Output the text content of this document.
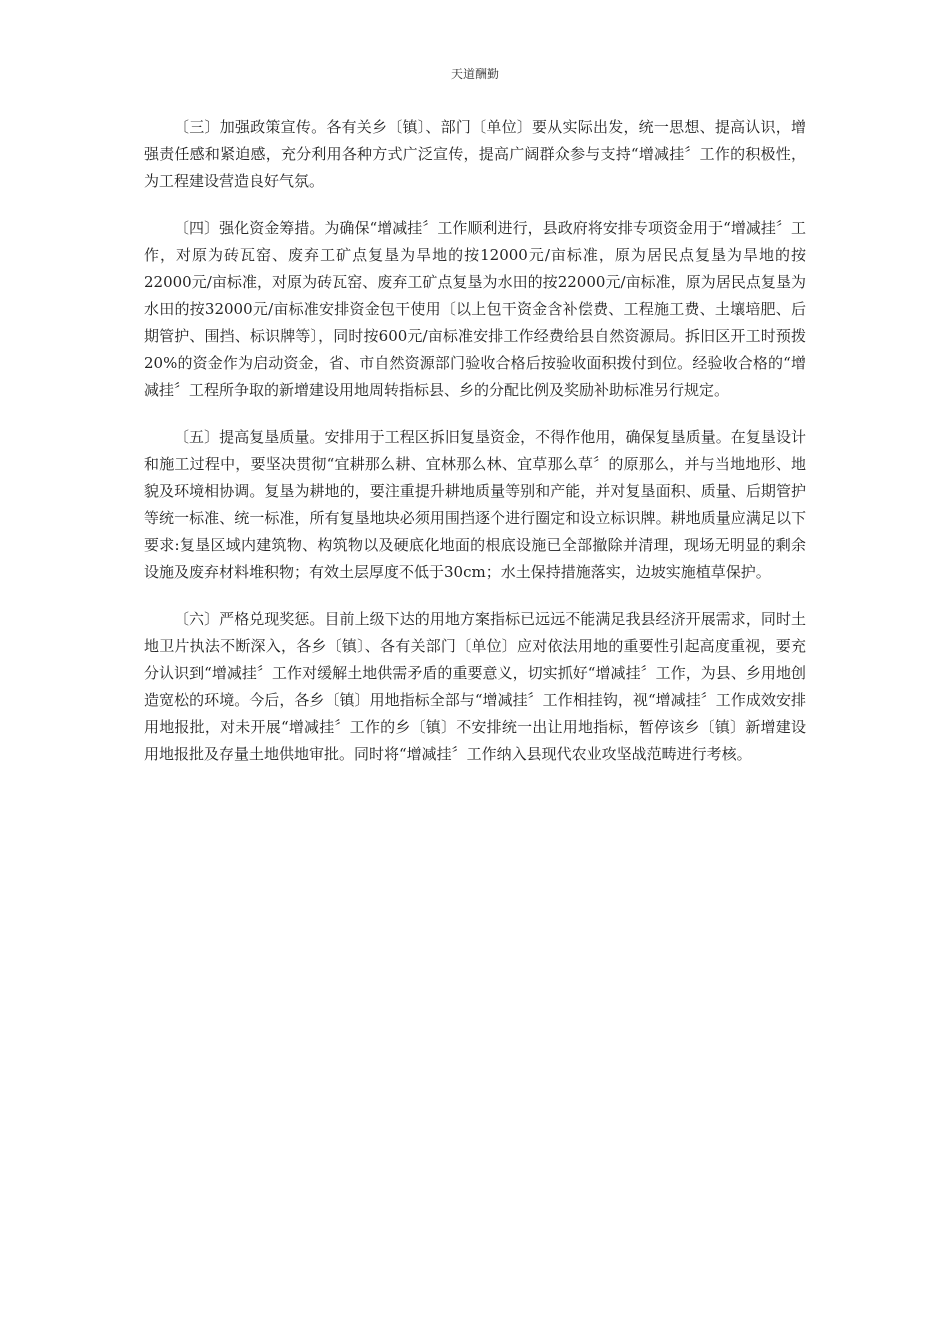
天道酬勤

〔三〕加强政策宣传。各有关乡〔镇〕、部门〔单位〕要从实际出发，统一思想、提高认识，增强责任感和紧迫感，充分利用各种方式广泛宣传，提高广阔群众参与支持“增减挂〞工作的积极性，为工程建设营造良好气氛。

〔四〕强化资金筹措。为确保“增减挂〞工作顺利进行，县政府将安排专项资金用于“增减挂〞工作，对原为砖瓦窑、废弃工矿点复垦为旱地的按12000元/亩标准，原为居民点复垦为旱地的按22000元/亩标准，对原为砖瓦窑、废弃工矿点复垦为水田的按22000元/亩标准，原为居民点复垦为水田的按32000元/亩标准安排资金包干使用〔以上包干资金含补偿费、工程施工费、土壤培肥、后期管护、围挡、标识牌等〕，同时按600元/亩标准安排工作经费给县自然资源局。拆旧区开工时预拨20%的资金作为启动资金，省、市自然资源部门验收合格后按验收面积拨付到位。经验收合格的“增减挂〞工程所争取的新增建设用地周转指标县、乡的分配比例及奖励补助标准另行规定。

〔五〕提高复垦质量。安排用于工程区拆旧复垦资金，不得作他用，确保复垦质量。在复垦设计和施工过程中，要坚决贯彻“宜耕那么耕、宜林那么林、宜草那么草〞的原那么，并与当地地形、地貌及环境相协调。复垦为耕地的，要注重提升耕地质量等别和产能，并对复垦面积、质量、后期管护等统一标准、统一标准，所有复垦地块必须用围挡逐个进行圈定和设立标识牌。耕地质量应满足以下要求:复垦区域内建筑物、构筑物以及硬底化地面的根底设施已全部撤除并清理，现场无明显的剩余设施及废弃材料堆积物；有效土层厚度不低于30cm；水土保持措施落实，边坡实施植草保护。

〔六〕严格兑现奖惩。目前上级下达的用地方案指标已远远不能满足我县经济开展需求，同时土地卫片执法不断深入，各乡〔镇〕、各有关部门〔单位〕应对依法用地的重要性引起高度重视，要充分认识到“增减挂〞工作对缓解土地供需矛盾的重要意义，切实抓好“增减挂〞工作，为县、乡用地创造宽松的环境。今后，各乡〔镇〕用地指标全部与“增减挂〞工作相挂钩，视“增减挂〞工作成效安排用地报批，对未开展“增减挂〞工作的乡〔镇〕不安排统一出让用地指标，暂停该乡〔镇〕新增建设用地报批及存量土地供地审批。同时将“增减挂〞工作纳入县现代农业攻坚战范畴进行考核。
